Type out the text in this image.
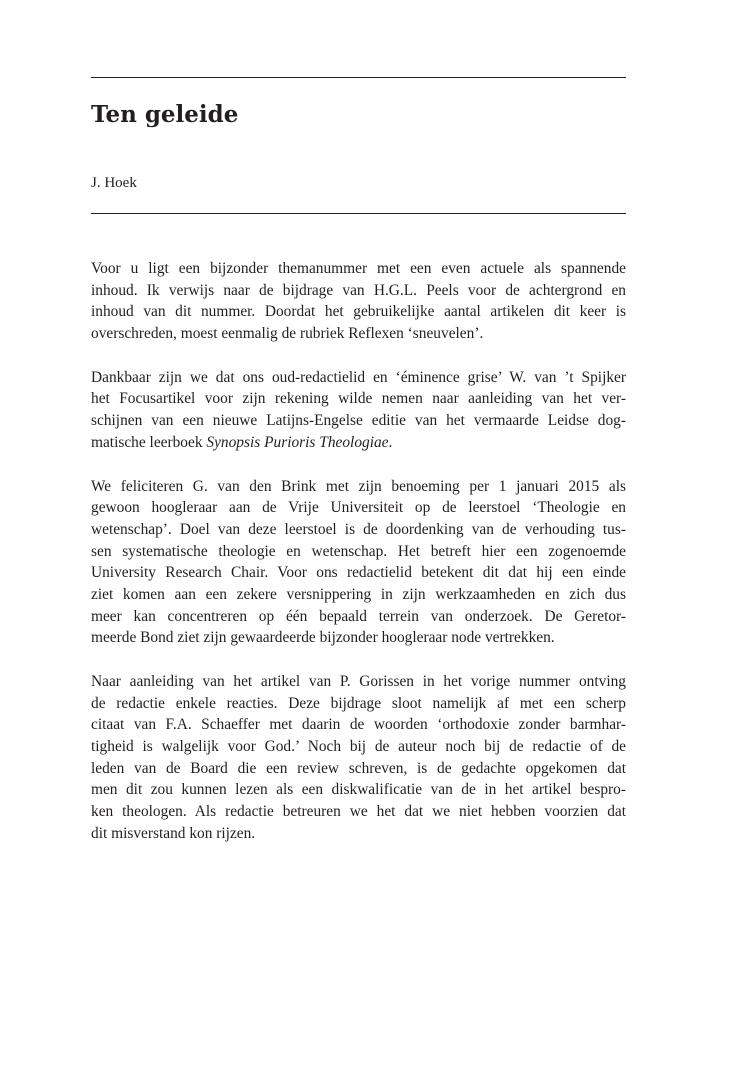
Ten geleide

J. Hoek

Voor u ligt een bijzonder themanummer met een even actuele als spannende
inhoud. Ik verwijs naar de bijdrage van H.G.L. Peels voor de achtergrond en
inhoud van dit nummer. Doordat het gebruikelijke aantal artikelen dit keer is
overschreden, moest eenmalig de rubriek Reflexen ‘sneuvelen’.
Dankbaar zijn we dat ons oud-redactielid en ‘éminence grise’ W. van ’t Spijker
het Focusartikel voor zijn rekening wilde nemen naar aanleiding van het ver-
schijnen van een nieuwe Latijns-Engelse editie van het vermaarde Leidse dog-
matische leerboek Synopsis Purioris Theologiae.
We feliciteren G. van den Brink met zijn benoeming per 1 januari 2015 als
gewoon hoogleraar aan de Vrije Universiteit op de leerstoel ‘Theologie en
wetenschap’. Doel van deze leerstoel is de doordenking van de verhouding tus-
sen systematische theologie en wetenschap. Het betreft hier een zogenoemde
University Research Chair. Voor ons redactielid betekent dit dat hij een einde
ziet komen aan een zekere versnippering in zijn werkzaamheden en zich dus
meer kan concentreren op één bepaald terrein van onderzoek. De Geretor-
meerde Bond ziet zijn gewaardeerde bijzonder hoogleraar node vertrekken.
Naar aanleiding van het artikel van P. Gorissen in het vorige nummer ontving
de redactie enkele reacties. Deze bijdrage sloot namelijk af met een scherp
citaat van F.A. Schaeffer met daarin de woorden ‘orthodoxie zonder barmhar-
tigheid is walgelijk voor God.’ Noch bij de auteur noch bij de redactie of de
leden van de Board die een review schreven, is de gedachte opgekomen dat
men dit zou kunnen lezen als een diskwalificatie van de in het artikel bespro-
ken theologen. Als redactie betreuren we het dat we niet hebben voorzien dat
dit misverstand kon rijzen.
